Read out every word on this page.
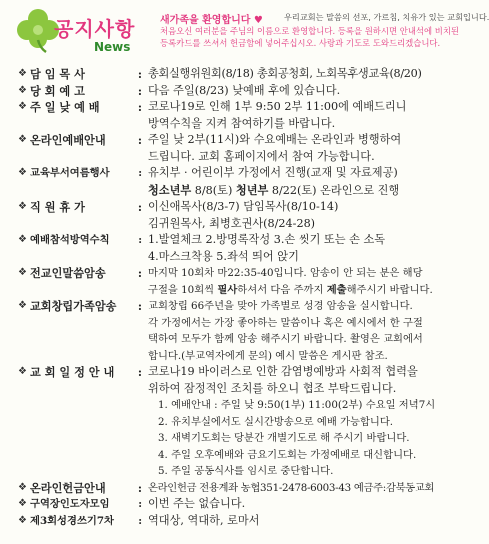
공지사항
News
새가족을 환영합니다 ♥	우리교회는 말씀의 선포, 가르침, 치유가 있는 교회입니다.
처음오신 여러분을 주님의 이름으로 환영합니다. 등록을 원하시면 안내석에 비치된
등록카드를 쓰셔서 헌금함에 넣어주십시오. 사랑과 기도로 도와드리겠습니다.
❖ 담 임 목 사	: 총회실행위원회(8/18) 총회공청회, 노회목후생교육(8/20)
❖ 당 회 예 고	: 다음 주일(8/23) 낮예배 후에 있습니다.
❖ 주 일 낮 예 배	: 코로나19로 인해 1부 9:50 2부 11:00에 예배드리니
방역수칙을 지켜 참여하기를 바랍니다.
❖ 온라인예배안내	: 주일 낮 2부(11시)와 수요예배는 온라인과 병행하여
드립니다. 교회 홈페이지에서 참여 가능합니다.
❖ 교육부서여름행사	: 유치부 · 어린이부 가정에서 진행(교재 및 자료제공)
청소년부 8/8(토) 청년부 8/22(토) 온라인으로 진행
❖ 직 원 휴 가	: 이신애목사(8/3-7) 담임목사(8/10-14)
김귀원목사, 최병호권사(8/24-28)
❖ 예배참석방역수칙	: 1.발열체크 2.방명록작성 3.손 씻기 또는 손 소독
4.마스크착용 5.좌석 띄어 앉기
❖ 전교인말씀암송	: 마지막 10회차 마22:35-40입니다. 암송이 안 되는 분은 해당
구절을 10회씩 필사하셔서 다음 주까지 제출해주시기 바랍니다.
❖ 교회창립가족암송 : 교회창립 66주년을 맞아 가족별로 성경 암송을 실시합니다.
각 가정에서는 가장 좋아하는 말씀이나 혹은 예시에서 한 구절
택하여 모두가 함께 암송 해주시기 바랍니다. 촬영은 교회에서
합니다.(부교역자에게 문의) 예시 말씀은 게시판 참조.
❖ 교 회 일 정 안 내 : 코로나19 바이러스로 인한 감염병예방과 사회적 협력을
위하여 잠정적인 조치를 하오니 협조 부탁드립니다.
1. 예배안내 : 주일 낮 9:50(1부) 11:00(2부) 수요일 저녁7시
2. 유치부실에서도 실시간방송으로 예배 가능합니다.
3. 새벽기도회는 당분간 개별기도로 해 주시기 바랍니다.
4. 주일 오후예배와 금요기도회는 가정예배로 대신합니다.
5. 주일 공동식사를 임시로 중단합니다.
❖ 온라인헌금안내	: 온라인헌금 전용계좌 농협351-2478-6003-43 예금주:감북동교회
❖ 구역장인도자모임	: 이번 주는 없습니다.
❖ 제3회성경쓰기7차 : 역대상, 역대하, 로마서
